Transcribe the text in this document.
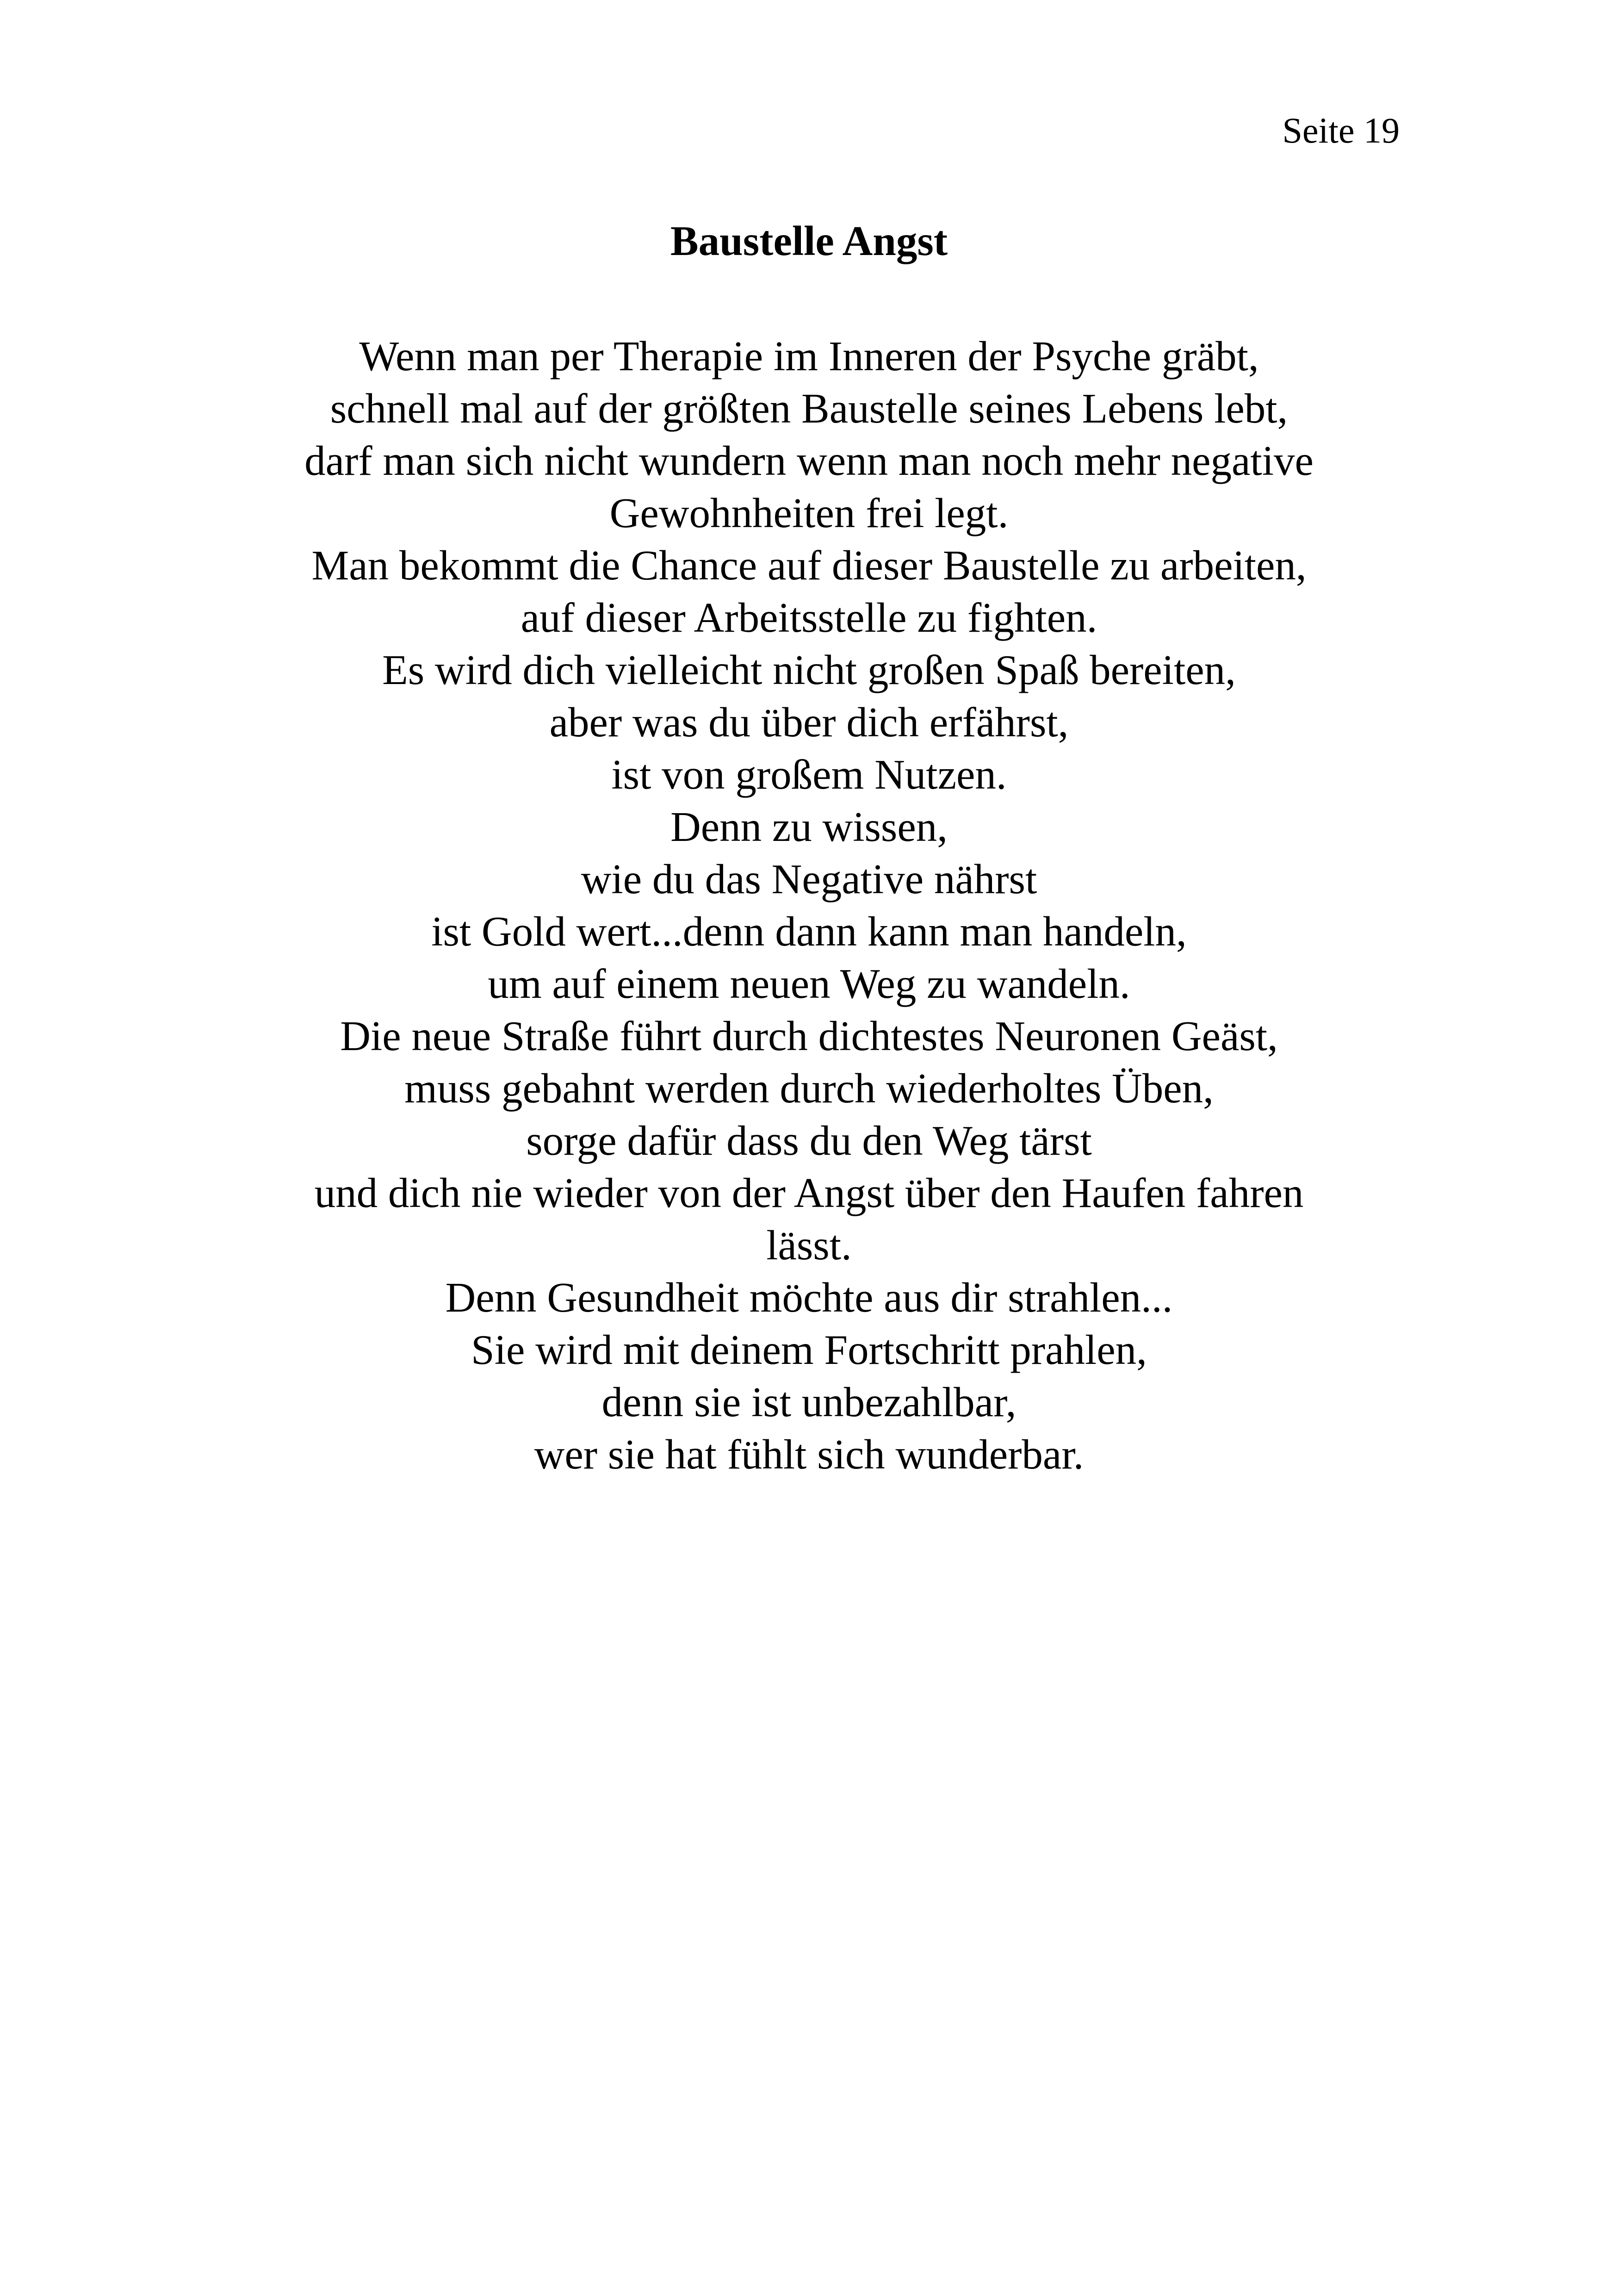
Seite 19
Baustelle Angst
Wenn man per Therapie im Inneren der Psyche gräbt,
schnell mal auf der größten Baustelle seines Lebens lebt,
darf man sich nicht wundern wenn man noch mehr negative
Gewohnheiten frei legt.
Man bekommt die Chance auf dieser Baustelle zu arbeiten,
auf dieser Arbeitsstelle zu fighten.
Es wird dich vielleicht nicht großen Spaß bereiten,
aber was du über dich erfährst,
ist von großem Nutzen.
Denn zu wissen,
wie du das Negative nährst
ist Gold wert...denn dann kann man handeln,
um auf einem neuen Weg zu wandeln.
Die neue Straße führt durch dichtestes Neuronen Geäst,
muss gebahnt werden durch wiederholtes Üben,
sorge dafür dass du den Weg tärst
und dich nie wieder von der Angst über den Haufen fahren
lässt.
Denn Gesundheit möchte aus dir strahlen...
Sie wird mit deinem Fortschritt prahlen,
denn sie ist unbezahlbar,
wer sie hat fühlt sich wunderbar.
